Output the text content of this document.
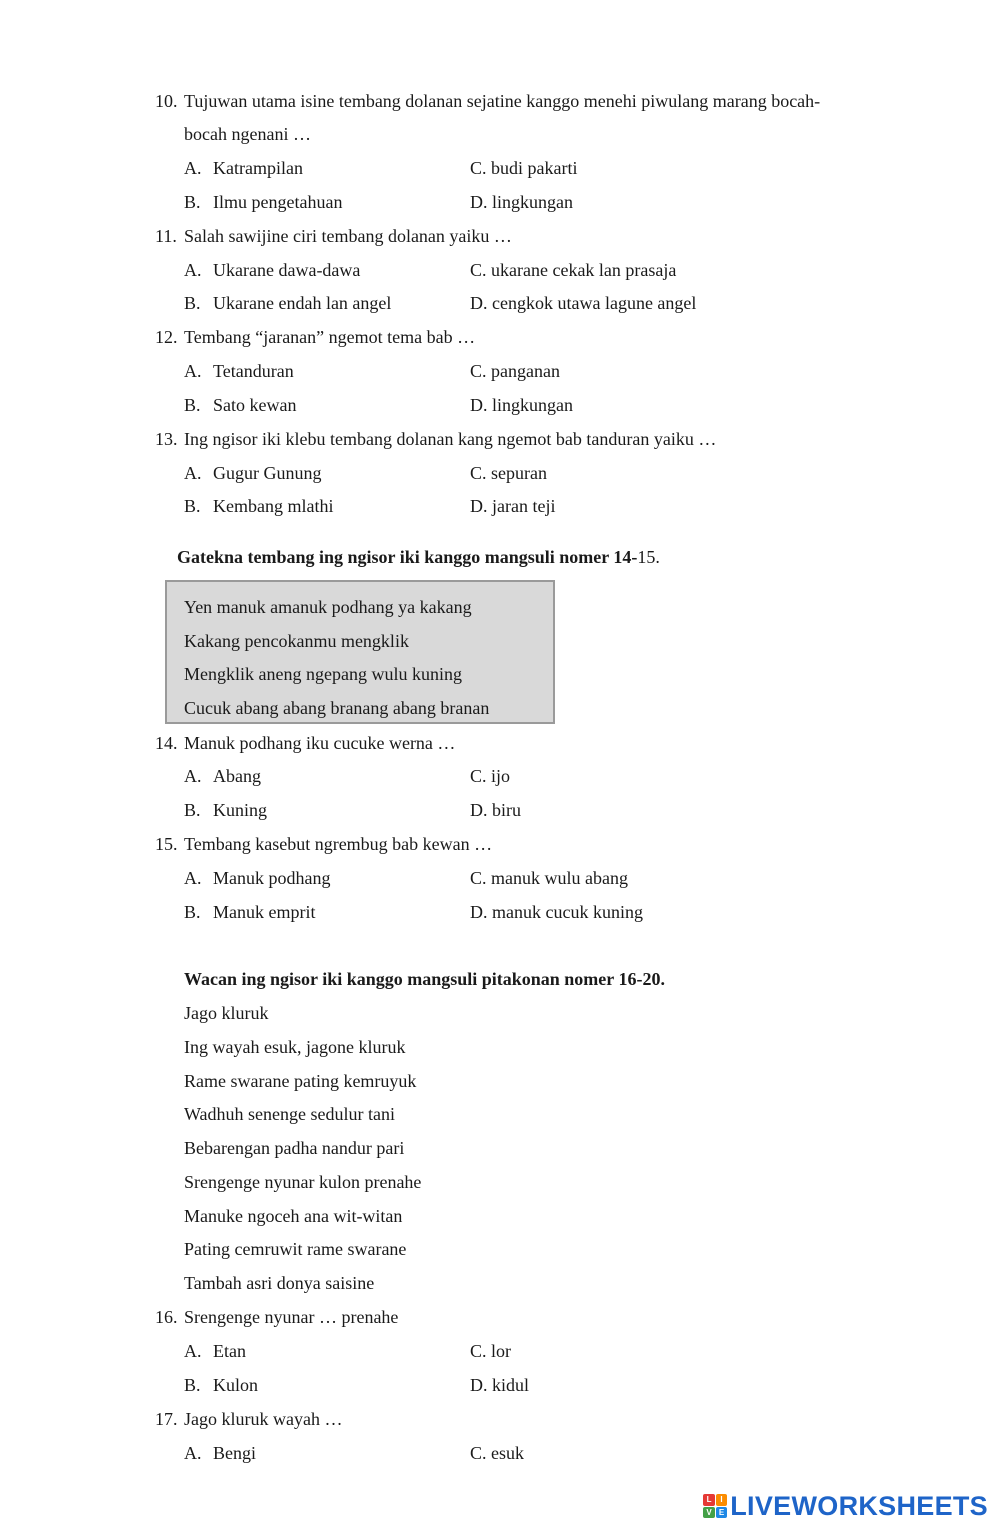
10. Tujuwan utama isine tembang dolanan sejatine kanggo menehi piwulang marang bocah-
bocah ngenani …
A. Katrampilan	C. budi pakarti
B. Ilmu pengetahuan	D. lingkungan
11. Salah sawijine ciri tembang dolanan yaiku …
A. Ukarane dawa-dawa	C. ukarane cekak lan prasaja
B. Ukarane endah lan angel	D. cengkok utawa lagune angel
12. Tembang “jaranan” ngemot tema bab …
A. Tetanduran	C. panganan
B. Sato kewan	D. lingkungan
13. Ing ngisor iki klebu tembang dolanan kang ngemot bab tanduran yaiku …
A. Gugur Gunung	C. sepuran
B. Kembang mlathi	D. jaran teji
Gatekna tembang ing ngisor iki kanggo mangsuli nomer 14-15.
Yen manuk amanuk podhang ya kakang
Kakang pencokanmu mengklik
Mengklik aneng ngepang wulu kuning
Cucuk abang abang branang abang branan
14. Manuk podhang iku cucuke werna …
A. Abang	C. ijo
B. Kuning	D. biru
15. Tembang kasebut ngrembug bab kewan …
A. Manuk podhang	C. manuk wulu abang
B. Manuk emprit	D. manuk cucuk kuning
Wacan ing ngisor iki kanggo mangsuli pitakonan nomer 16-20.
Jago kluruk
Ing wayah esuk, jagone kluruk
Rame swarane pating kemruyuk
Wadhuh senenge sedulur tani
Bebarengan padha nandur pari
Srengenge nyunar kulon prenahe
Manuke ngoceh ana wit-witan
Pating cemruwit rame swarane
Tambah asri donya saisine
16. Srengenge nyunar … prenahe
A. Etan	C. lor
B. Kulon	D. kidul
17. Jago kluruk wayah …
A. Bengi	C. esuk
L	I
V E LIVEWORKSHEETS
